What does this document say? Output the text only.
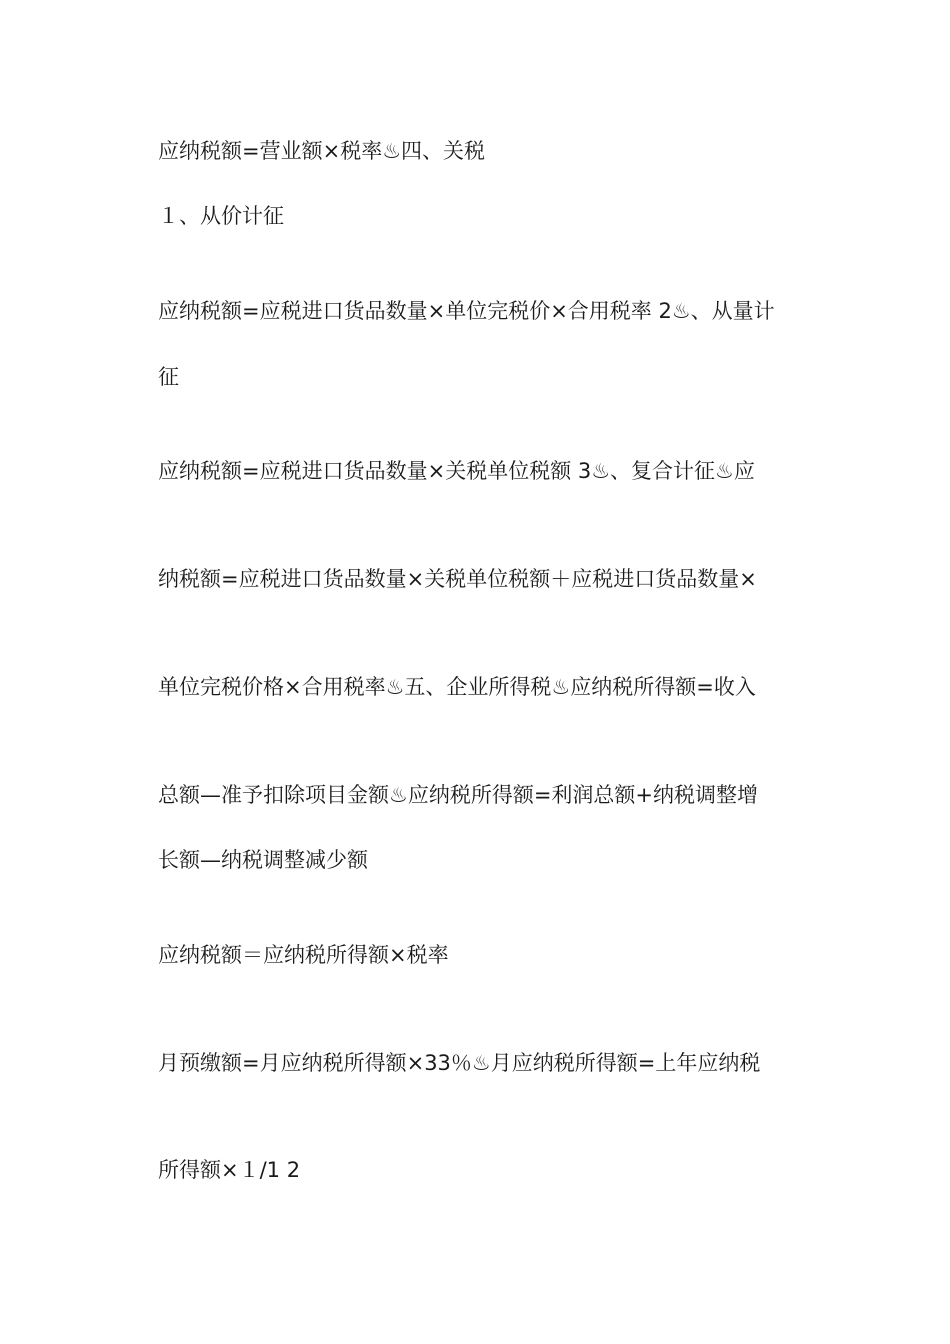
应纳税额=营业额×税率♨四、关税
１、从价计征
应纳税额=应税进口货品数量×单位完税价×合用税率 2♨、从量计
征
应纳税额=应税进口货品数量×关税单位税额 3♨、复合计征♨应
纳税额=应税进口货品数量×关税单位税额＋应税进口货品数量×
单位完税价格×合用税率♨五、企业所得税♨应纳税所得额=收入
总额—准予扣除项目金额♨应纳税所得额=利润总额+纳税调整增
长额—纳税调整减少额
应纳税额＝应纳税所得额×税率
月预缴额=月应纳税所得额×33％♨月应纳税所得额=上年应纳税
所得额×１/1 2
